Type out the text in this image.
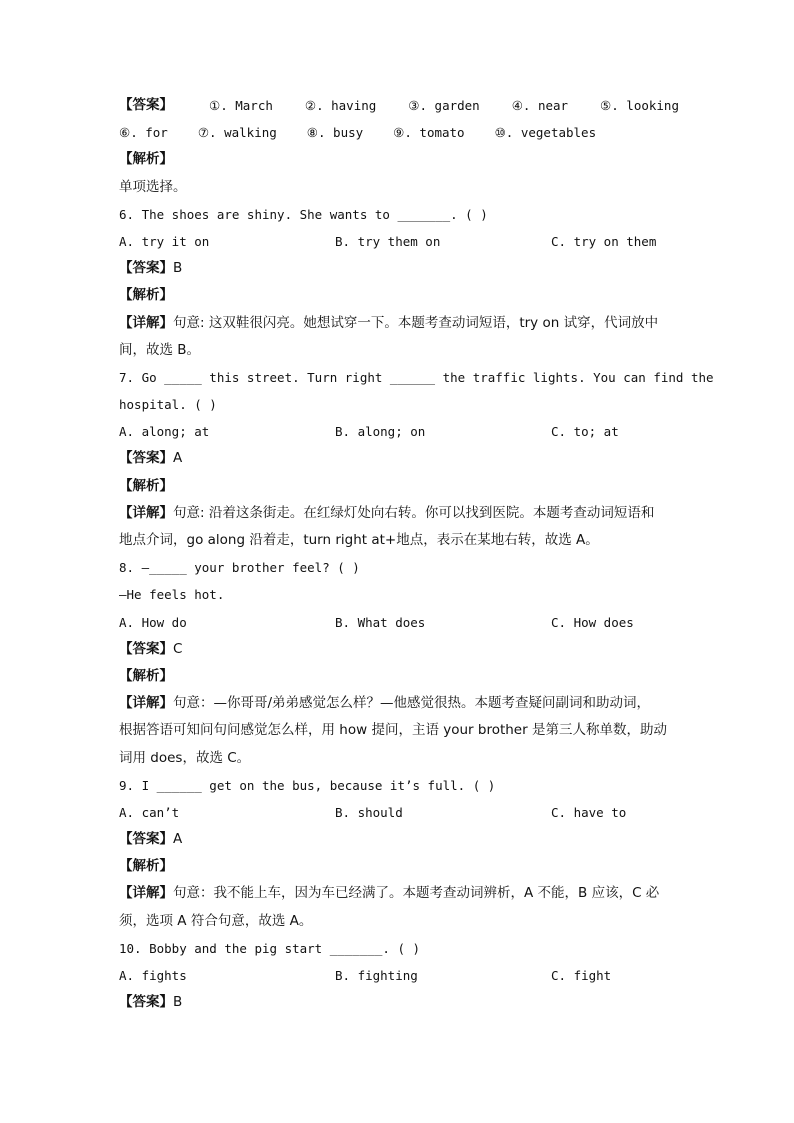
【答案】	①. March	②. having	③. garden	④. near	⑤. looking
⑥. for ⑦. walking ⑧. busy ⑨. tomato ⑩. vegetables
【解析】
单项选择。
6. The shoes are shiny. She wants to _______. ( )
A. try it on	B. try them on	C. try on them
【答案】B
【解析】
【详解】句意: 这双鞋很闪亮。她想试穿一下。本题考查动词短语，try on 试穿，代词放中
间，故选 B。
7. Go _____ this street. Turn right ______ the traffic lights. You can find the
hospital. ( )
A. along; at	B. along; on	C. to; at
【答案】A
【解析】
【详解】句意: 沿着这条街走。在红绿灯处向右转。你可以找到医院。本题考查动词短语和
地点介词，go along 沿着走，turn right at+地点，表示在某地右转，故选 A。
8. —_____ your brother feel? ( )
—He feels hot.
A. How do	B. What does	C. How does
【答案】C
【解析】
【详解】句意：—你哥哥/弟弟感觉怎么样？—他感觉很热。本题考查疑问副词和助动词，
根据答语可知问句问感觉怎么样，用 how 提问，主语 your brother 是第三人称单数，助动
词用 does，故选 C。
9. I ______ get on the bus, because it’s full. ( )
A. can’t	B. should	C. have to
【答案】A
【解析】
【详解】句意：我不能上车，因为车已经满了。本题考查动词辨析，A 不能，B 应该，C 必
须，选项 A 符合句意，故选 A。
10. Bobby and the pig start _______. ( )
A. fights	B. fighting	C. fight
【答案】B
